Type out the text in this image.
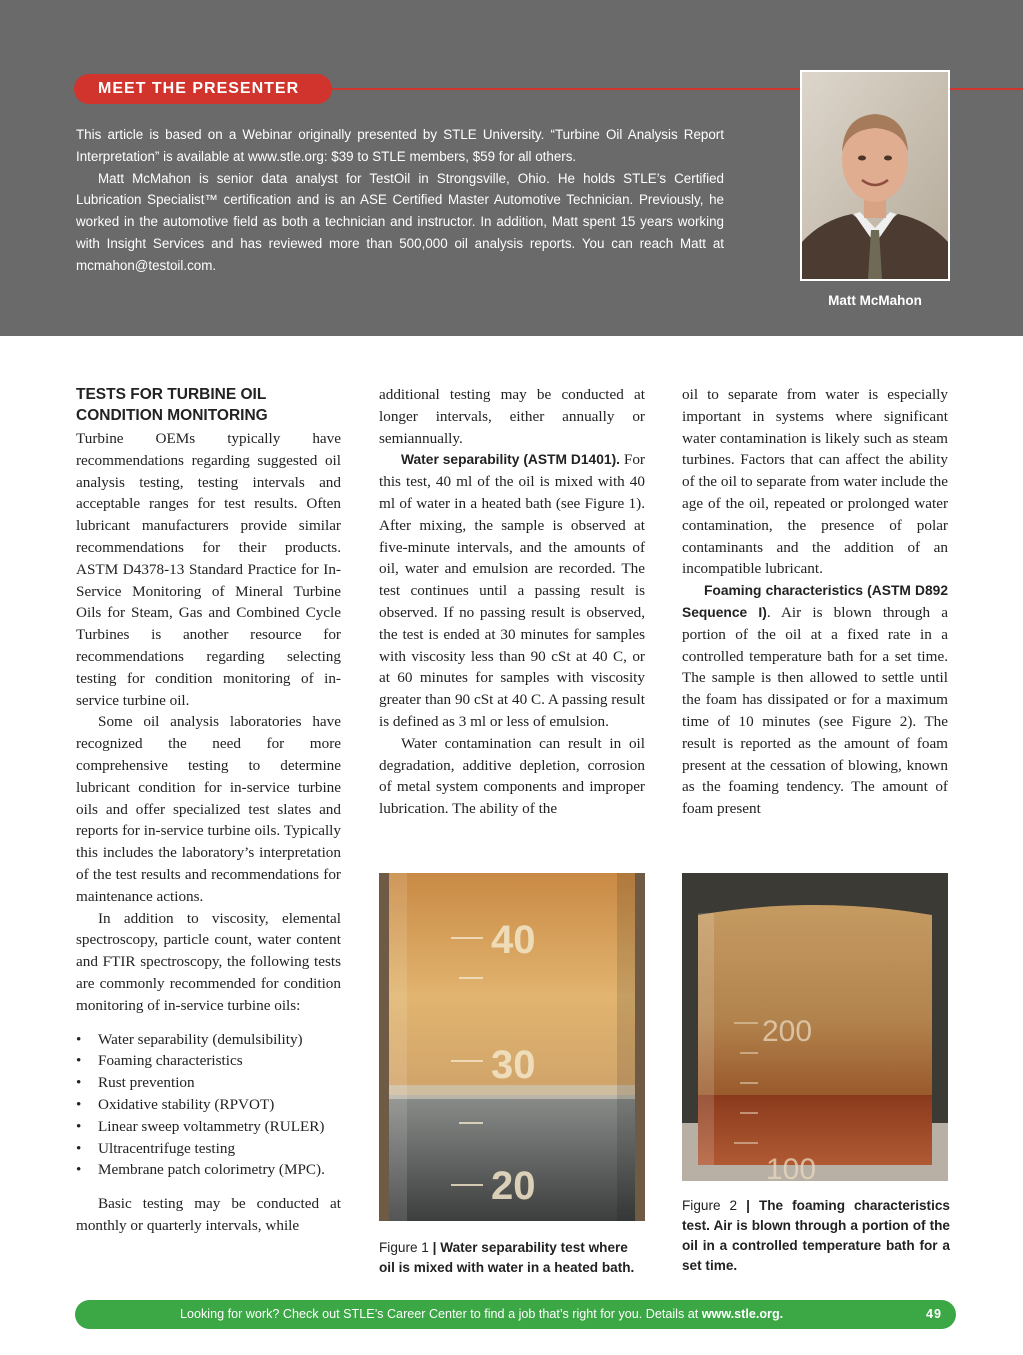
MEET THE PRESENTER

This article is based on a Webinar originally presented by STLE University. “Turbine Oil Analysis Report Interpretation” is available at www.stle.org: $39 to STLE members, $59 for all others.

Matt McMahon is senior data analyst for TestOil in Strongsville, Ohio. He holds STLE’s Certified Lubrication Specialist™ certification and is an ASE Certified Master Automotive Technician. Previously, he worked in the automotive field as both a technician and instructor. In addition, Matt spent 15 years working with Insight Services and has reviewed more than 500,000 oil analysis reports. You can reach Matt at mcmahon@testoil.com.

Matt McMahon

TESTS FOR TURBINE OIL CONDITION MONITORING

Turbine OEMs typically have recommendations regarding suggested oil analysis testing, testing intervals and acceptable ranges for test results. Often lubricant manufacturers provide similar recommendations for their products. ASTM D4378-13 Standard Practice for In-Service Monitoring of Mineral Turbine Oils for Steam, Gas and Combined Cycle Turbines is another resource for recommendations regarding selecting testing for condition monitoring of in-service turbine oil.

Some oil analysis laboratories have recognized the need for more comprehensive testing to determine lubricant condition for in-service turbine oils and offer specialized test slates and reports for in-service turbine oils. Typically this includes the laboratory’s interpretation of the test results and recommendations for maintenance actions.

In addition to viscosity, elemental spectroscopy, particle count, water content and FTIR spectroscopy, the following tests are commonly recommended for condition monitoring of in-service turbine oils:

• Water separability (demulsibility)
• Foaming characteristics
• Rust prevention
• Oxidative stability (RPVOT)
• Linear sweep voltammetry (RULER)
• Ultracentrifuge testing
• Membrane patch colorimetry (MPC).

Basic testing may be conducted at monthly or quarterly intervals, while

additional testing may be conducted at longer intervals, either annually or semiannually.

Water separability (ASTM D1401). For this test, 40 ml of the oil is mixed with 40 ml of water in a heated bath (see Figure 1). After mixing, the sample is observed at five-minute intervals, and the amounts of oil, water and emulsion are recorded. The test continues until a passing result is observed. If no passing result is observed, the test is ended at 30 minutes for samples with viscosity less than 90 cSt at 40 C, or at 60 minutes for samples with viscosity greater than 90 cSt at 40 C. A passing result is defined as 3 ml or less of emulsion.

Water contamination can result in oil degradation, additive depletion, corrosion of metal system components and improper lubrication. The ability of the

oil to separate from water is especially important in systems where significant water contamination is likely such as steam turbines. Factors that can affect the ability of the oil to separate from water include the age of the oil, repeated or prolonged water contamination, the presence of polar contaminants and the addition of an incompatible lubricant.

Foaming characteristics (ASTM D892 Sequence I). Air is blown through a portion of the oil at a fixed rate in a controlled temperature bath for a set time. The sample is then allowed to settle until the foam has dissipated or for a maximum time of 10 minutes (see Figure 2). The result is reported as the amount of foam present at the cessation of blowing, known as the foaming tendency. The amount of foam present

40
30
20
Figure 1 | Water separability test where oil is mixed with water in a heated bath.
200
100
Figure 2 | The foaming characteristics test. Air is blown through a portion of the oil in a controlled temperature bath for a set time.
Looking for work? Check out STLE’s Career Center to find a job that’s right for you. Details at www.stle.org.	49
